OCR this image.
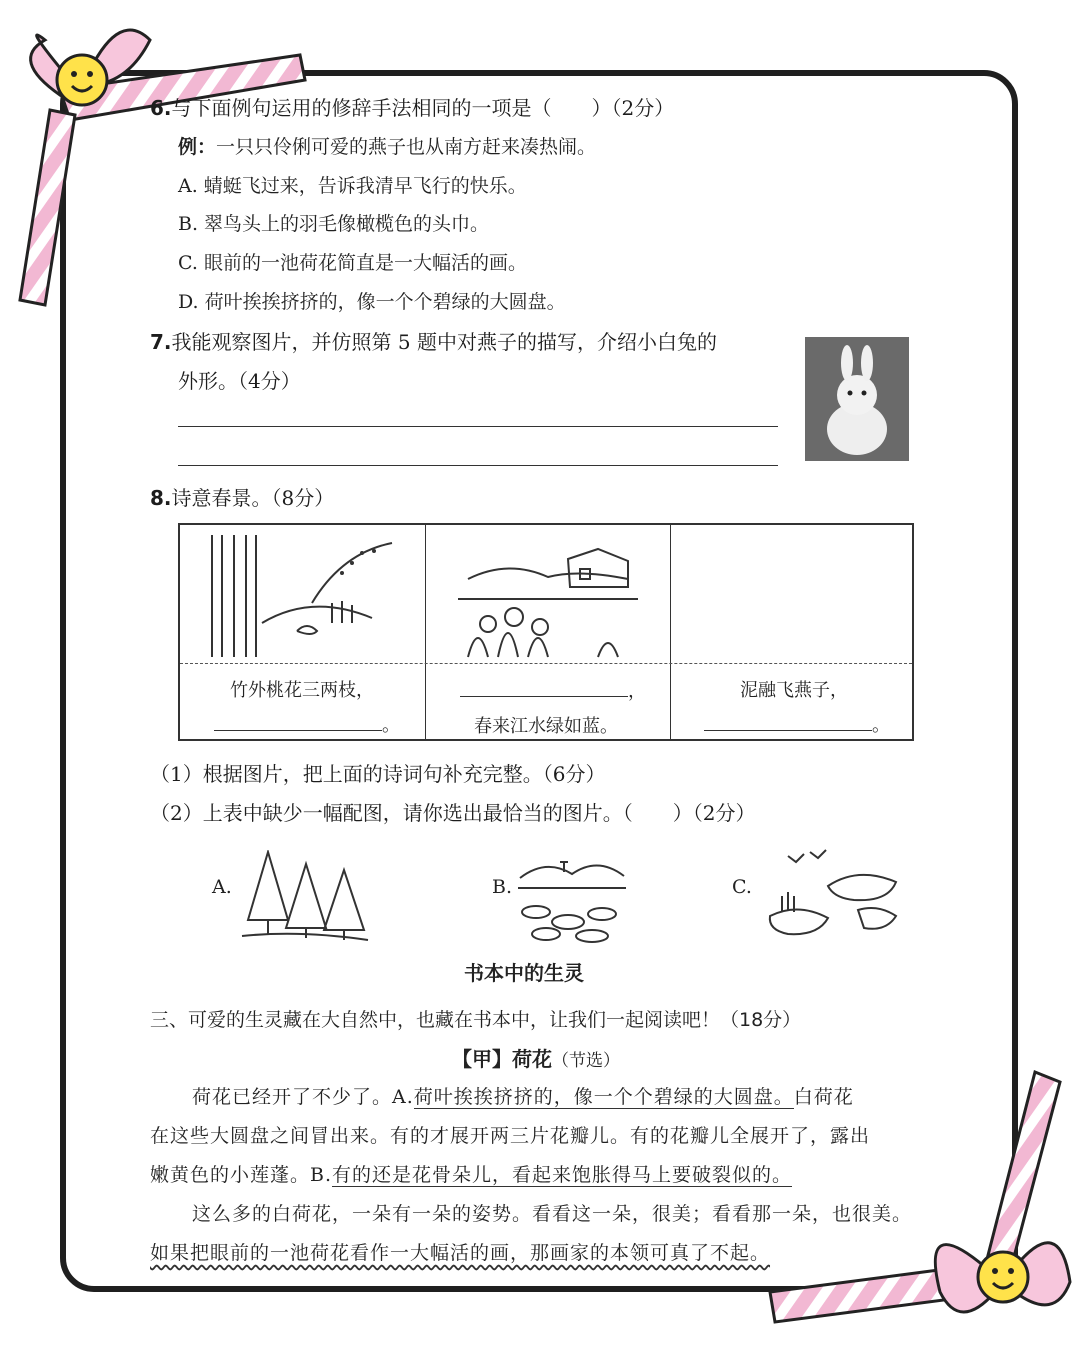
6.与下面例句运用的修辞手法相同的一项是（　　）（2分）
例：一只只伶俐可爱的燕子也从南方赶来凑热闹。
A. 蜻蜓飞过来，告诉我清早飞行的快乐。
B. 翠鸟头上的羽毛像橄榄色的头巾。
C. 眼前的一池荷花简直是一大幅活的画。
D. 荷叶挨挨挤挤的，像一个个碧绿的大圆盘。
7.我能观察图片，并仿照第 5 题中对燕子的描写，介绍小白兔的
外形。（4分）
8.诗意春景。（8分）
竹外桃花三两枝，
。
，
春来江水绿如蓝。
泥融飞燕子，
。
（1）根据图片，把上面的诗词句补充完整。（6分）
（2）上表中缺少一幅配图，请你选出最恰当的图片。（　　）（2分）
A.	B.	C.
书本中的生灵
三、可爱的生灵藏在大自然中，也藏在书本中，让我们一起阅读吧！（18分）
【甲】荷花（节选）
荷花已经开了不少了。A.荷叶挨挨挤挤的，像一个个碧绿的大圆盘。白荷花
在这些大圆盘之间冒出来。有的才展开两三片花瓣儿。有的花瓣儿全展开了，露出
嫩黄色的小莲蓬。B.有的还是花骨朵儿，看起来饱胀得马上要破裂似的。
这么多的白荷花，一朵有一朵的姿势。看看这一朵，很美；看看那一朵，也很美。
如果把眼前的一池荷花看作一大幅活的画，那画家的本领可真了不起。
